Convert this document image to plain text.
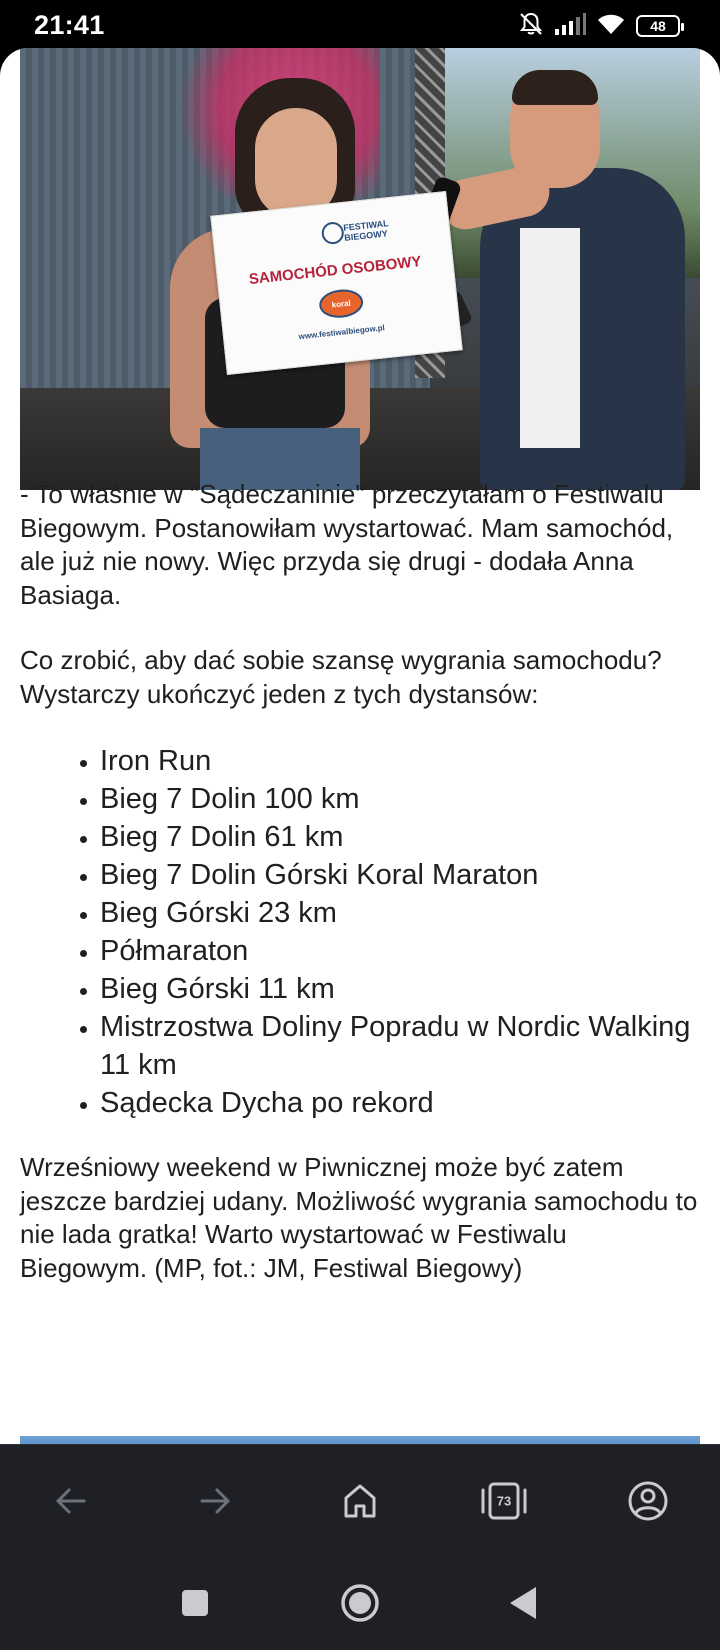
21:41	48
FESTIWAL BIEGOWY
SAMOCHÓD OSOBOWY
koral
www.festiwalbiegow.pl

- To właśnie w "Sądeczaninie" przeczytałam o Festiwalu Biegowym. Postanowiłam wystartować. Mam samochód, ale już nie nowy. Więc przyda się drugi - dodała Anna Basiaga.

Co zrobić, aby dać sobie szansę wygrania samochodu? Wystarczy ukończyć jeden z tych dystansów:

• Iron Run
• Bieg 7 Dolin 100 km
• Bieg 7 Dolin 61 km
• Bieg 7 Dolin Górski Koral Maraton
• Bieg Górski 23 km
• Półmaraton
• Bieg Górski 11 km
• Mistrzostwa Doliny Popradu w Nordic Walking 11 km
• Sądecka Dycha po rekord

Wrześniowy weekend w Piwnicznej może być zatem jeszcze bardziej udany. Możliwość wygrania samochodu to nie lada gratka! Warto wystartować w Festiwalu Biegowym. (MP, fot.: JM, Festiwal Biegowy)

73
